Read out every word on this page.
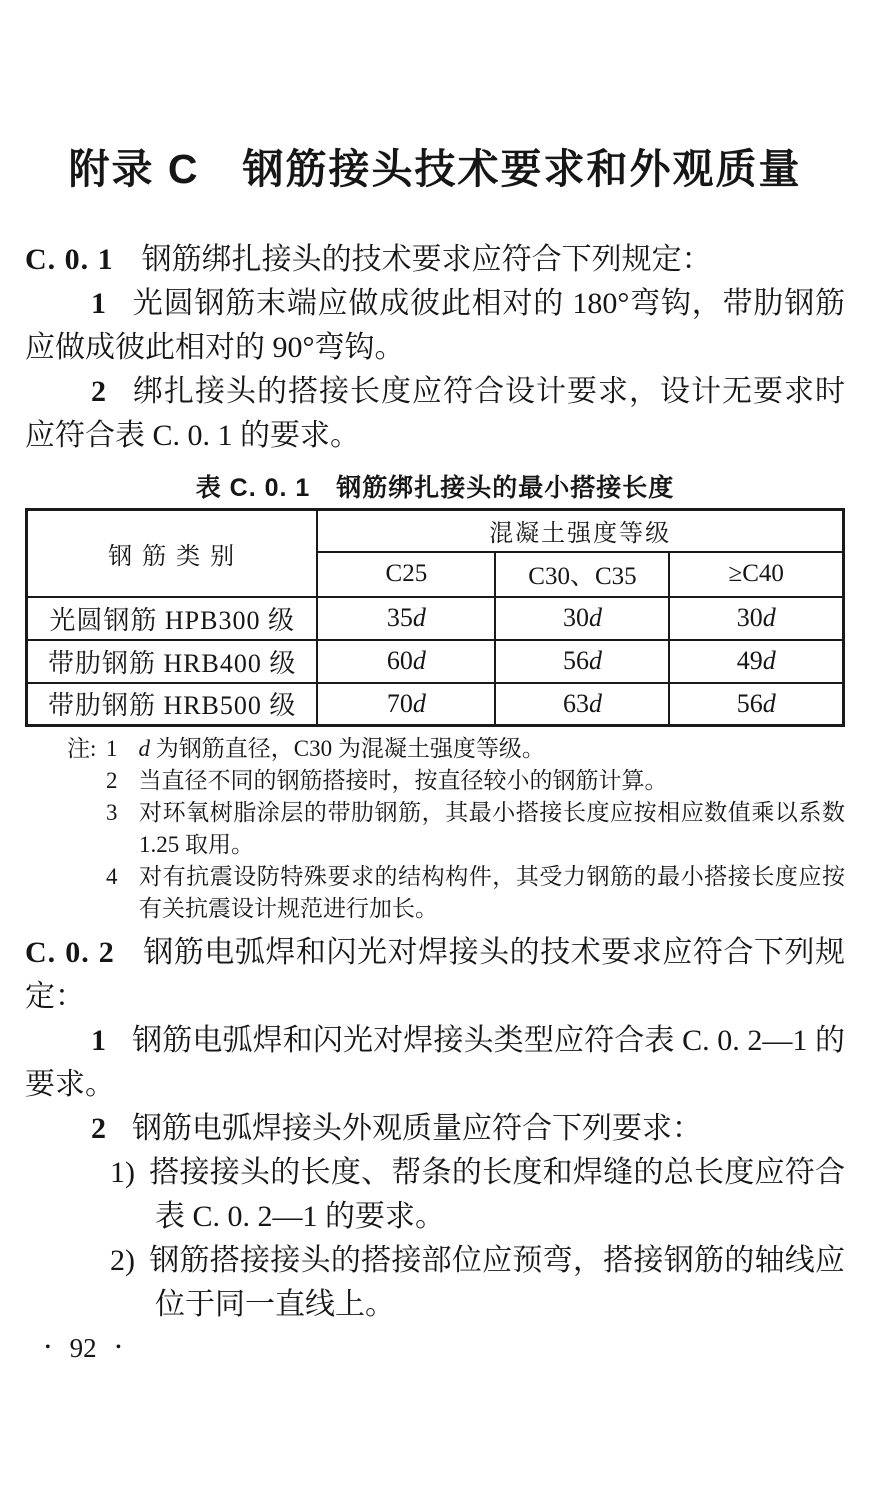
附录 C　钢筋接头技术要求和外观质量

C. 0. 1 钢筋绑扎接头的技术要求应符合下列规定：

1 光圆钢筋末端应做成彼此相对的 180°弯钩，带肋钢筋应做成彼此相对的 90°弯钩。

2 绑扎接头的搭接长度应符合设计要求，设计无要求时应符合表 C. 0. 1 的要求。

表 C. 0. 1　钢筋绑扎接头的最小搭接长度
钢 筋 类 别	混凝土强度等级		
	C25	C30、C35	≥C40
光圆钢筋 HPB300 级	35d	30d	30d
带肋钢筋 HRB400 级	60d	56d	49d
带肋钢筋 HRB500 级	70d	63d	56d
注: 1 d 为钢筋直径，C30 为混凝土强度等级。
2 当直径不同的钢筋搭接时，按直径较小的钢筋计算。
3 对环氧树脂涂层的带肋钢筋，其最小搭接长度应按相应数值乘以系数 1.25 取用。
4 对有抗震设防特殊要求的结构构件，其受力钢筋的最小搭接长度应按有关抗震设计规范进行加长。

C. 0. 2 钢筋电弧焊和闪光对焊接头的技术要求应符合下列规定：

1 钢筋电弧焊和闪光对焊接头类型应符合表 C. 0. 2—1 的要求。

2 钢筋电弧焊接头外观质量应符合下列要求：

1) 搭接接头的长度、帮条的长度和焊缝的总长度应符合表 C. 0. 2—1 的要求。

2) 钢筋搭接接头的搭接部位应预弯，搭接钢筋的轴线应位于同一直线上。

• 92 •
